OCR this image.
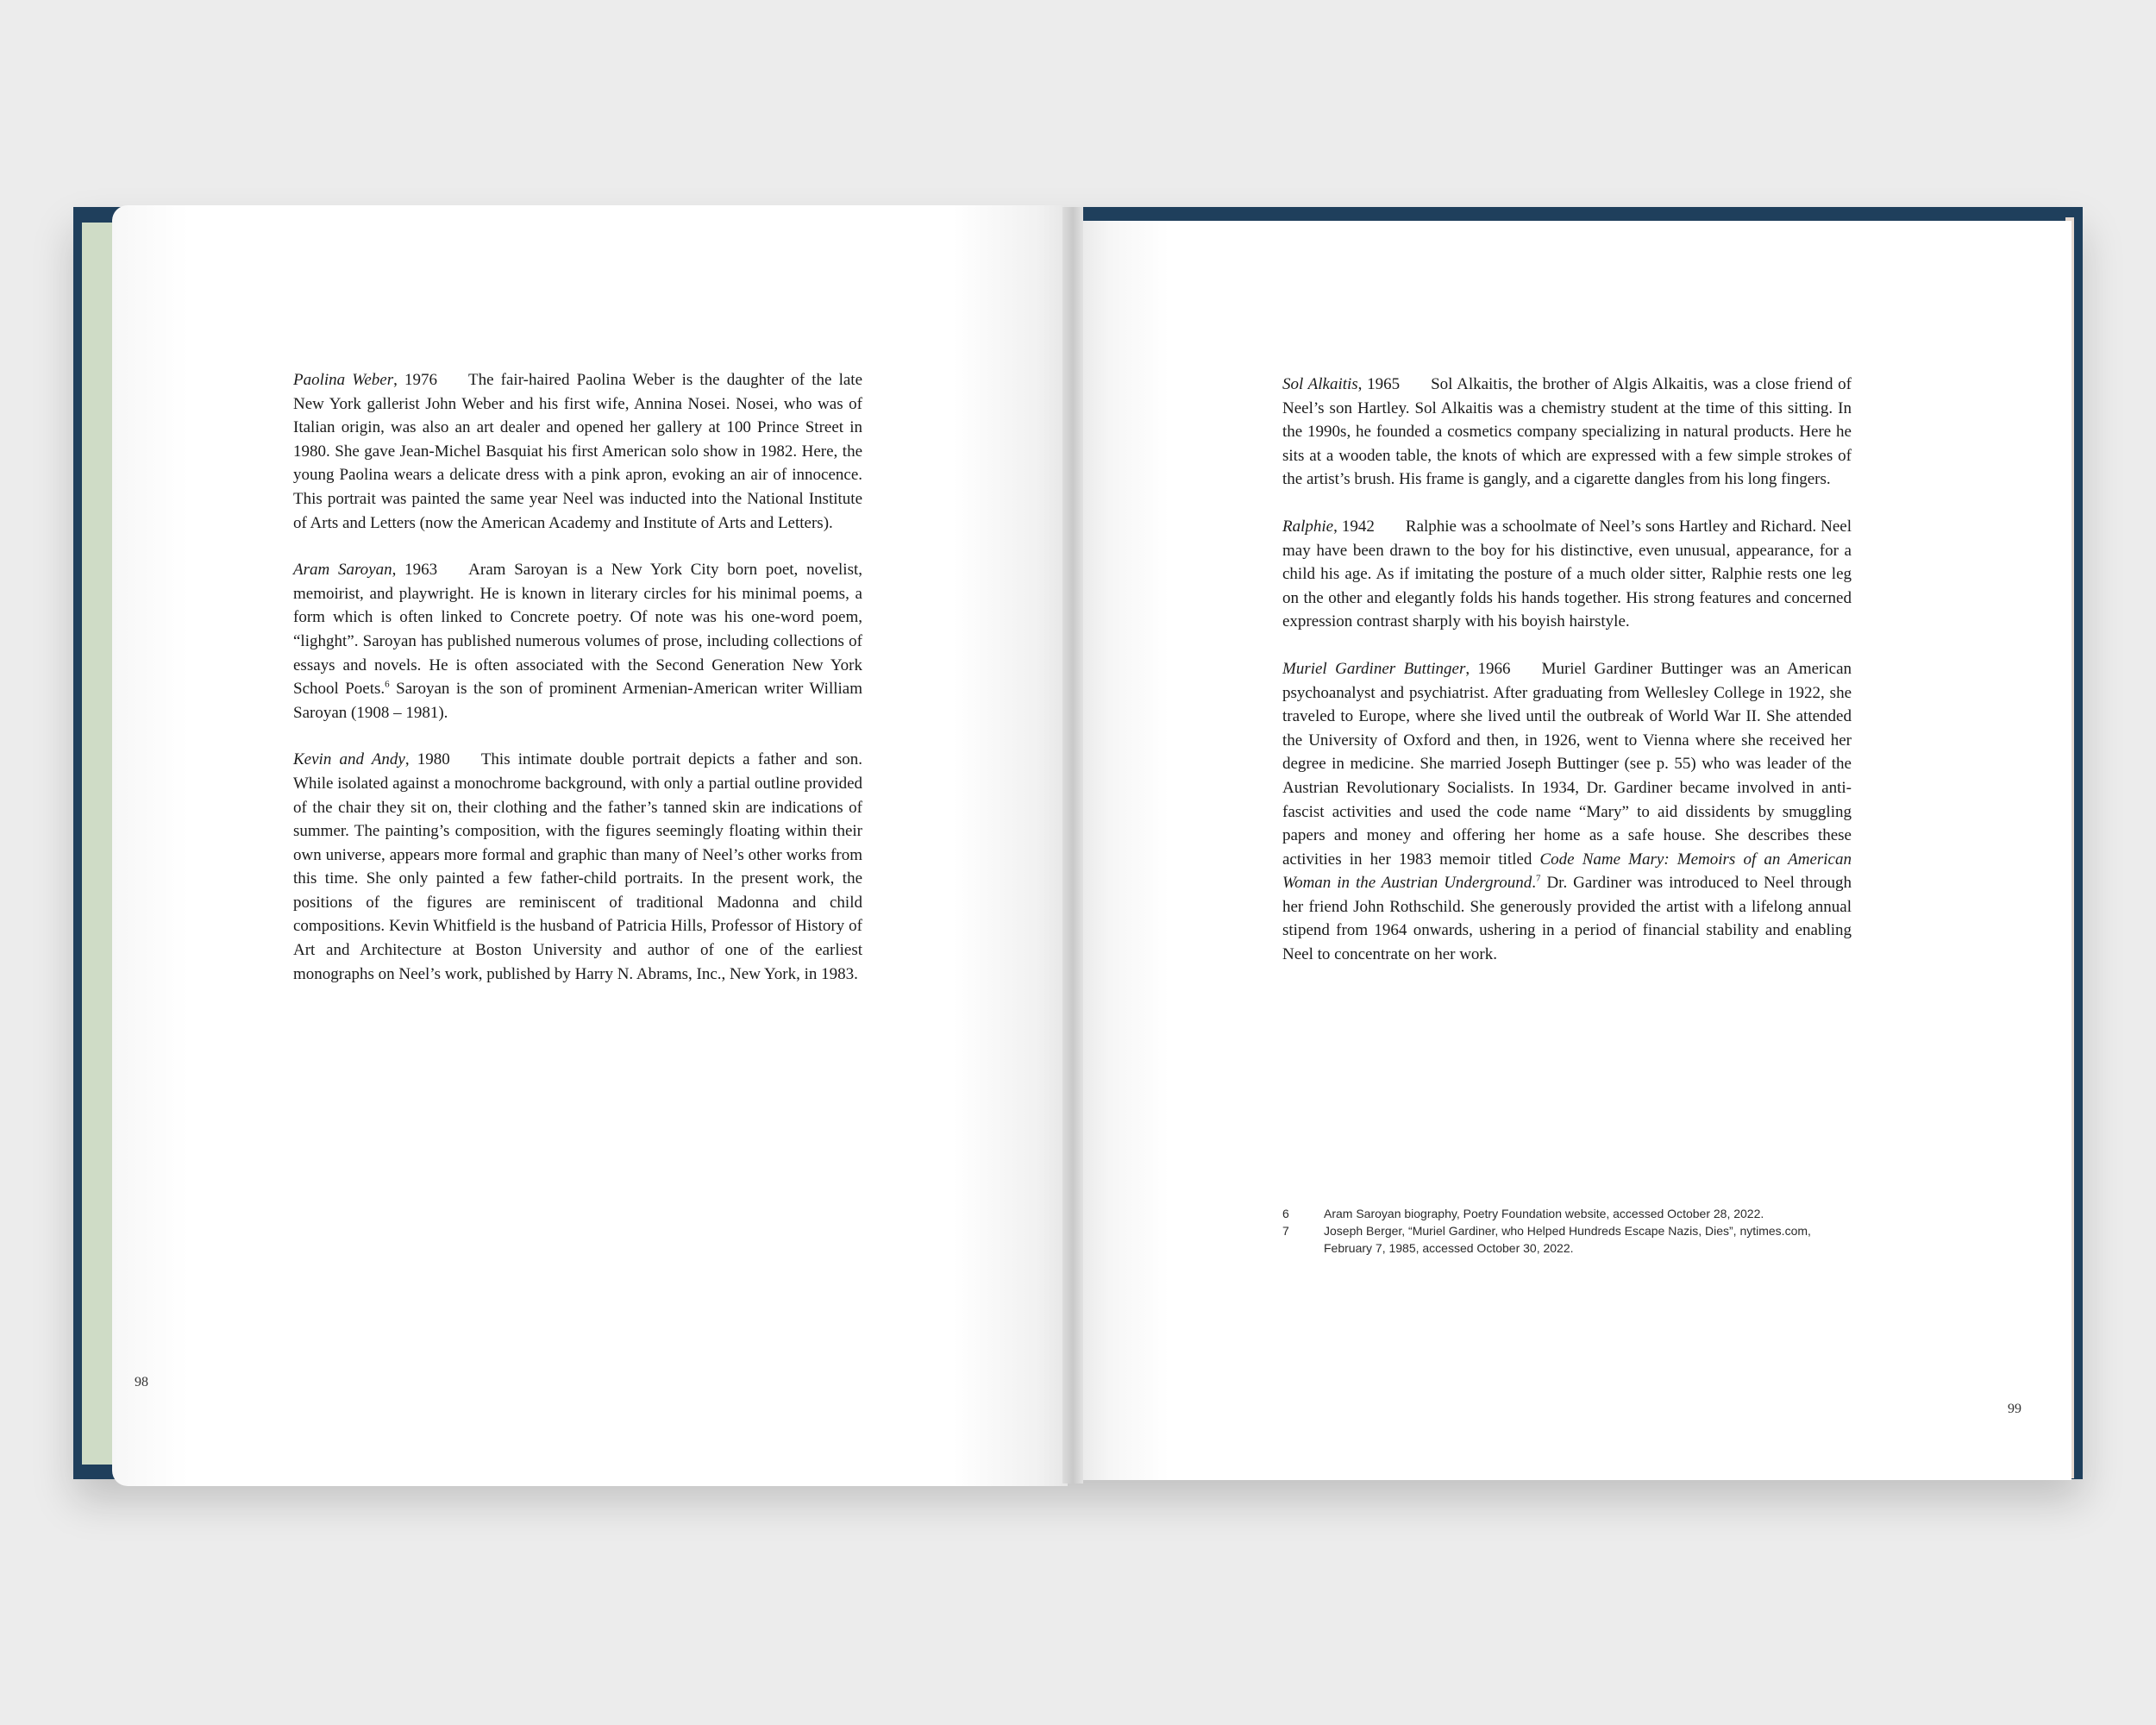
Paolina Weber, 1976 The fair-haired Paolina Weber is the daughter of the late New York gallerist John Weber and his first wife, Annina Nosei. Nosei, who was of Italian origin, was also an art dealer and opened her gallery at 100 Prince Street in 1980. She gave Jean-Michel Basquiat his first American solo show in 1982. Here, the young Paolina wears a delicate dress with a pink apron, evoking an air of innocence. This portrait was painted the same year Neel was inducted into the National Institute of Arts and Letters (now the American Academy and Institute of Arts and Letters).

Aram Saroyan, 1963 Aram Saroyan is a New York City born poet, novelist, memoirist, and playwright. He is known in literary circles for his minimal poems, a form which is often linked to Concrete poetry. Of note was his one-word poem, “lighght”. Saroyan has published numerous volumes of prose, including collections of essays and novels. He is often associated with the Second Generation New York School Poets.$^6$ Saroyan is the son of prominent Armenian-American writer William Saroyan (1908 – 1981).

Kevin and Andy, 1980 This intimate double portrait depicts a father and son. While isolated against a monochrome background, with only a partial outline provided of the chair they sit on, their clothing and the father’s tanned skin are indications of summer. The painting’s composition, with the figures seemingly floating within their own universe, appears more formal and graphic than many of Neel’s other works from this time. She only painted a few father-child portraits. In the present work, the positions of the figures are reminiscent of traditional Madonna and child compositions. Kevin Whitfield is the husband of Patricia Hills, Professor of History of Art and Architecture at Boston University and author of one of the earliest monographs on Neel’s work, published by Harry N. Abrams, Inc., New York, in 1983.

98

Sol Alkaitis, 1965 Sol Alkaitis, the brother of Algis Alkaitis, was a close friend of Neel’s son Hartley. Sol Alkaitis was a chemistry student at the time of this sitting. In the 1990s, he founded a cosmetics company specializing in natural products. Here he sits at a wooden table, the knots of which are expressed with a few simple strokes of the artist’s brush. His frame is gangly, and a cigarette dangles from his long fingers.

Ralphie, 1942 Ralphie was a schoolmate of Neel’s sons Hartley and Richard. Neel may have been drawn to the boy for his distinctive, even unusual, appearance, for a child his age. As if imitating the posture of a much older sitter, Ralphie rests one leg on the other and elegantly folds his hands together. His strong features and concerned expression contrast sharply with his boyish hairstyle.

Muriel Gardiner Buttinger, 1966 Muriel Gardiner Buttinger was an American psychoanalyst and psychiatrist. After graduating from Wellesley College in 1922, she traveled to Europe, where she lived until the outbreak of World War II. She attended the University of Oxford and then, in 1926, went to Vienna where she received her degree in medicine. She married Joseph Buttinger (see p. 55) who was leader of the Austrian Revolutionary Socialists. In 1934, Dr. Gardiner became involved in anti-fascist activities and used the code name “Mary” to aid dissidents by smuggling papers and money and offering her home as a safe house. She describes these activities in her 1983 memoir titled Code Name Mary: Memoirs of an American Woman in the Austrian Underground.$^7$ Dr. Gardiner was introduced to Neel through her friend John Rothschild. She generously provided the artist with a lifelong annual stipend from 1964 onwards, ushering in a period of financial stability and enabling Neel to concentrate on her work.

6	Aram Saroyan biography, Poetry Foundation website, accessed October 28, 2022.
7	Joseph Berger, “Muriel Gardiner, who Helped Hundreds Escape Nazis, Dies”, nytimes.com, February 7, 1985, accessed October 30, 2022.
99
